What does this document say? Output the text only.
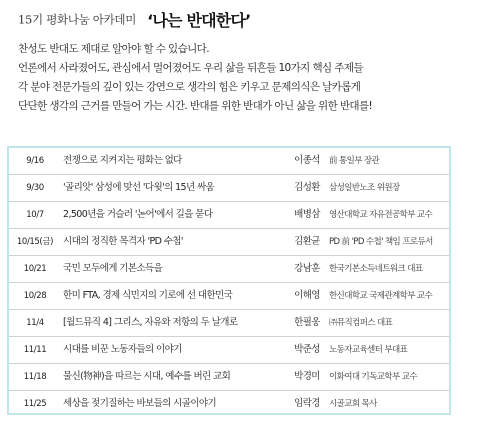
15기 평화나눔 아카데미 ‘나는 반대한다’
찬성도 반대도 제대로 알아야 할 수 있습니다.
언론에서 사라졌어도, 관심에서 멀어졌어도 우리 삶을 뒤흔들 10가지 핵심 주제들
각 분야 전문가들의 깊이 있는 강연으로 생각의 힘은 키우고 문제의식은 날카롭게
단단한 생각의 근거를 만들어 가는 시간. 반대를 위한 반대가 아닌 삶을 위한 반대를!
9/16	전쟁으로 지켜지는 평화는 없다	이종석	前 통일부 장관
9/30	'골리앗' 삼성에 맞선 '다윗'의 15년 싸움	김성환	삼성일반노조 위원장
10/7	2,500년을 거슬러 '논어'에서 길을 묻다	배병삼	영산대학교 자유전공학부 교수
10/15(금)	시대의 정직한 목격자 'PD 수첩'	김환균	PD 前 'PD 수첩' 책임 프로듀서
10/21	국민 모두에게 기본소득을	강남훈	한국기본소득네트워크 대표
10/28	한미 FTA, 경제 식민지의 기로에 선 대한민국	이해영	한신대학교 국제관계학부 교수
11/4	[월드뮤직 4] 그리스, 자유와 저항의 두 날개로	한필웅	㈜뮤직컴퍼스 대표
11/11	시대를 비꾼 노동자들의 이야기	박준성	노동자교육센터 부대표
11/18	물신(物神)을 따르는 시대, 예수를 버린 교회	박경미	이화여대 기독교학부 교수
11/25	세상을 젖기질하는 바보들의 시골이야기	임락경	시골교회 목사
